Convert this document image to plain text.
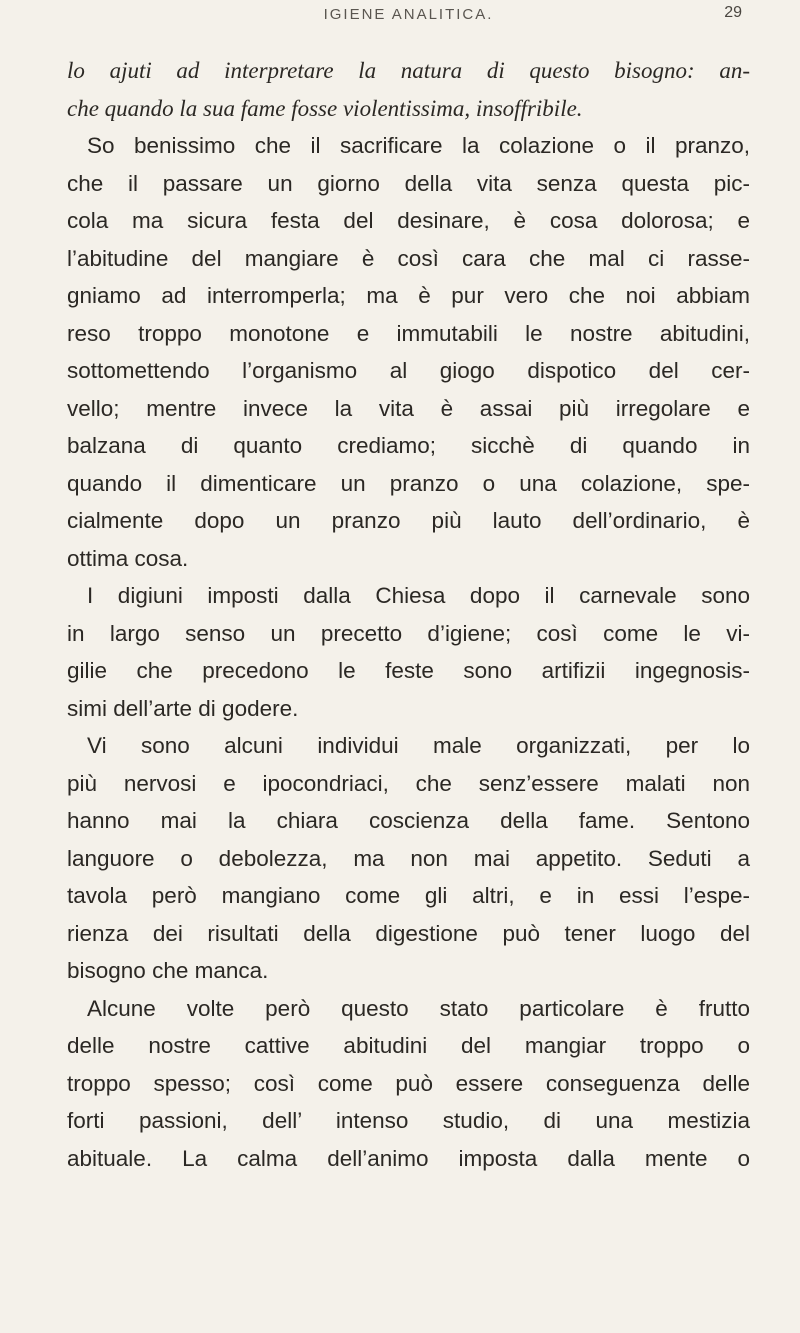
IGIENE ANALITICA.	29
lo ajuti ad interpretare la natura di questo bisogno: an-
che quando la sua fame fosse violentissima, insoffribile.
So benissimo che il sacrificare la colazione o il pranzo,
che il passare un giorno della vita senza questa pic-
cola ma sicura festa del desinare, è cosa dolorosa; e
l’abitudine del mangiare è così cara che mal ci rasse-
gniamo ad interromperla; ma è pur vero che noi abbiam
reso troppo monotone e immutabili le nostre abitudini,
sottomettendo l’organismo al giogo dispotico del cer-
vello; mentre invece la vita è assai più irregolare e
balzana di quanto crediamo; sicchè di quando in
quando il dimenticare un pranzo o una colazione, spe-
cialmente dopo un pranzo più lauto dell’ordinario, è
ottima cosa.
I digiuni imposti dalla Chiesa dopo il carnevale sono
in largo senso un precetto d’igiene; così come le vi-
gilie che precedono le feste sono artifizii ingegnosis-
simi dell’arte di godere.
Vi sono alcuni individui male organizzati, per lo
più nervosi e ipocondriaci, che senz’essere malati non
hanno mai la chiara coscienza della fame. Sentono
languore o debolezza, ma non mai appetito. Seduti a
tavola però mangiano come gli altri, e in essi l’espe-
rienza dei risultati della digestione può tener luogo del
bisogno che manca.
Alcune volte però questo stato particolare è frutto
delle nostre cattive abitudini del mangiar troppo o
troppo spesso; così come può essere conseguenza delle
forti passioni, dell’ intenso studio, di una mestizia
abituale. La calma dell’animo imposta dalla mente o
